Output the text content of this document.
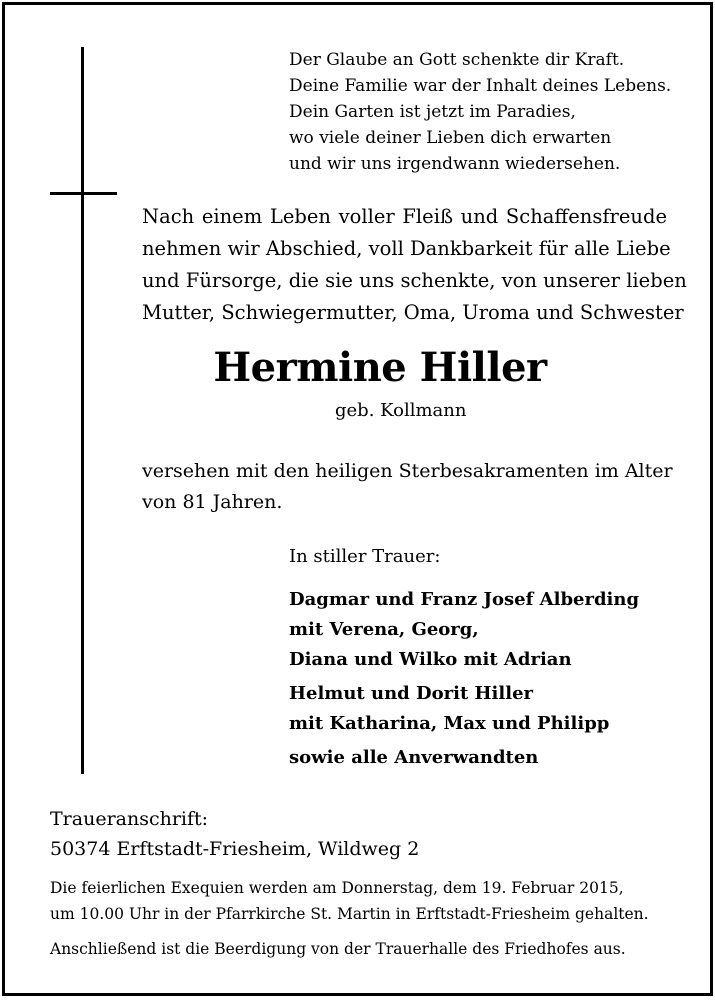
Der Glaube an Gott schenkte dir Kraft.
Deine Familie war der Inhalt deines Lebens.
Dein Garten ist jetzt im Paradies,
wo viele deiner Lieben dich erwarten
und wir uns irgendwann wiedersehen.
Nach einem Leben voller Fleiß und Schaffensfreude
nehmen wir Abschied, voll Dankbarkeit für alle Liebe
und Fürsorge, die sie uns schenkte, von unserer lieben
Mutter, Schwiegermutter, Oma, Uroma und Schwester
Hermine Hiller
geb. Kollmann
versehen mit den heiligen Sterbesakramenten im Alter
von 81 Jahren.
In stiller Trauer:
Dagmar und Franz Josef Alberding
mit Verena, Georg,
Diana und Wilko mit Adrian
Helmut und Dorit Hiller
mit Katharina, Max und Philipp
sowie alle Anverwandten
Traueranschrift:
50374 Erftstadt-Friesheim, Wildweg 2
Die feierlichen Exequien werden am Donnerstag, dem 19. Februar 2015,
um 10.00 Uhr in der Pfarrkirche St. Martin in Erftstadt-Friesheim gehalten.
Anschließend ist die Beerdigung von der Trauerhalle des Friedhofes aus.
